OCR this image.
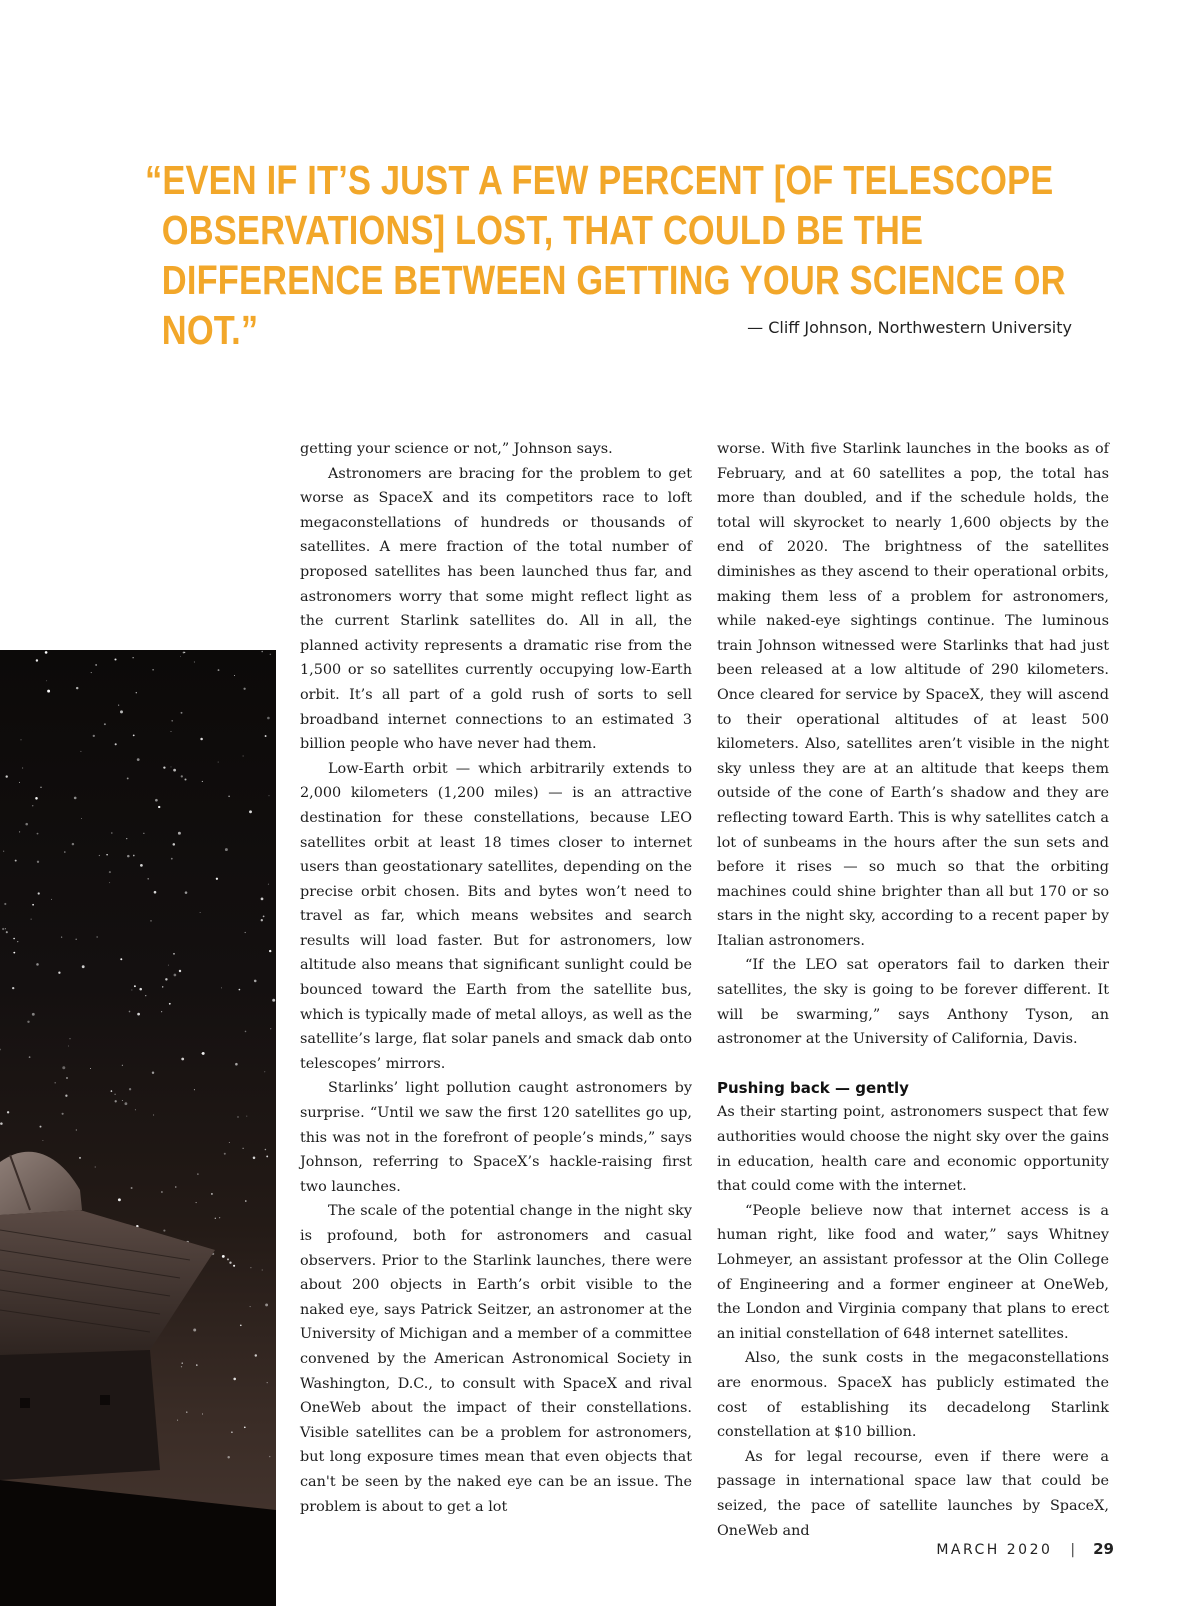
“EVEN IF IT’S JUST A FEW PERCENT [OF TELESCOPE OBSERVATIONS] LOST, THAT COULD BE THE DIFFERENCE BETWEEN GETTING YOUR SCIENCE OR NOT.”	— Cliff Johnson, Northwestern University

getting your science or not,” Johnson says.

Astronomers are bracing for the problem to get worse as SpaceX and its competitors race to loft megaconstellations of hundreds or thousands of satellites. A mere fraction of the total number of proposed satellites has been launched thus far, and astronomers worry that some might reflect light as the current Starlink satellites do. All in all, the planned activity represents a dramatic rise from the 1,500 or so satellites currently occupying low-Earth orbit. It’s all part of a gold rush of sorts to sell broadband internet connections to an estimated 3 billion people who have never had them.

Low-Earth orbit — which arbitrarily extends to 2,000 kilometers (1,200 miles) — is an attractive destination for these constellations, because LEO satellites orbit at least 18 times closer to internet users than geostationary satellites, depending on the precise orbit chosen. Bits and bytes won’t need to travel as far, which means websites and search results will load faster. But for astronomers, low altitude also means that significant sunlight could be bounced toward the Earth from the satellite bus, which is typically made of metal alloys, as well as the satellite’s large, flat solar panels and smack dab onto telescopes’ mirrors.

Starlinks’ light pollution caught astronomers by surprise. “Until we saw the first 120 satellites go up, this was not in the forefront of people’s minds,” says Johnson, referring to SpaceX’s hackle-raising first two launches.

The scale of the potential change in the night sky is profound, both for astronomers and casual observers. Prior to the Starlink launches, there were about 200 objects in Earth’s orbit visible to the naked eye, says Patrick Seitzer, an astronomer at the University of Michigan and a member of a committee convened by the American Astronomical Society in Washington, D.C., to consult with SpaceX and rival OneWeb about the impact of their constellations. Visible satellites can be a problem for astronomers, but long exposure times mean that even objects that can't be seen by the naked eye can be an issue. The problem is about to get a lot

worse. With five Starlink launches in the books as of February, and at 60 satellites a pop, the total has more than doubled, and if the schedule holds, the total will skyrocket to nearly 1,600 objects by the end of 2020. The brightness of the satellites diminishes as they ascend to their operational orbits, making them less of a problem for astronomers, while naked-eye sightings continue. The luminous train Johnson witnessed were Starlinks that had just been released at a low altitude of 290 kilometers. Once cleared for service by SpaceX, they will ascend to their operational altitudes of at least 500 kilometers. Also, satellites aren’t visible in the night sky unless they are at an altitude that keeps them outside of the cone of Earth’s shadow and they are reflecting toward Earth. This is why satellites catch a lot of sunbeams in the hours after the sun sets and before it rises — so much so that the orbiting machines could shine brighter than all but 170 or so stars in the night sky, according to a recent paper by Italian astronomers.

“If the LEO sat operators fail to darken their satellites, the sky is going to be forever different. It will be swarming,” says Anthony Tyson, an astronomer at the University of California, Davis.

Pushing back — gently

As their starting point, astronomers suspect that few authorities would choose the night sky over the gains in education, health care and economic opportunity that could come with the internet.

“People believe now that internet access is a human right, like food and water,” says Whitney Lohmeyer, an assistant professor at the Olin College of Engineering and a former engineer at OneWeb, the London and Virginia company that plans to erect an initial constellation of 648 internet satellites.

Also, the sunk costs in the megaconstellations are enormous. SpaceX has publicly estimated the cost of establishing its decadelong Starlink constellation at $10 billion.

As for legal recourse, even if there were a passage in international space law that could be seized, the pace of satellite launches by SpaceX, OneWeb and

MARCH 2020 | 29
